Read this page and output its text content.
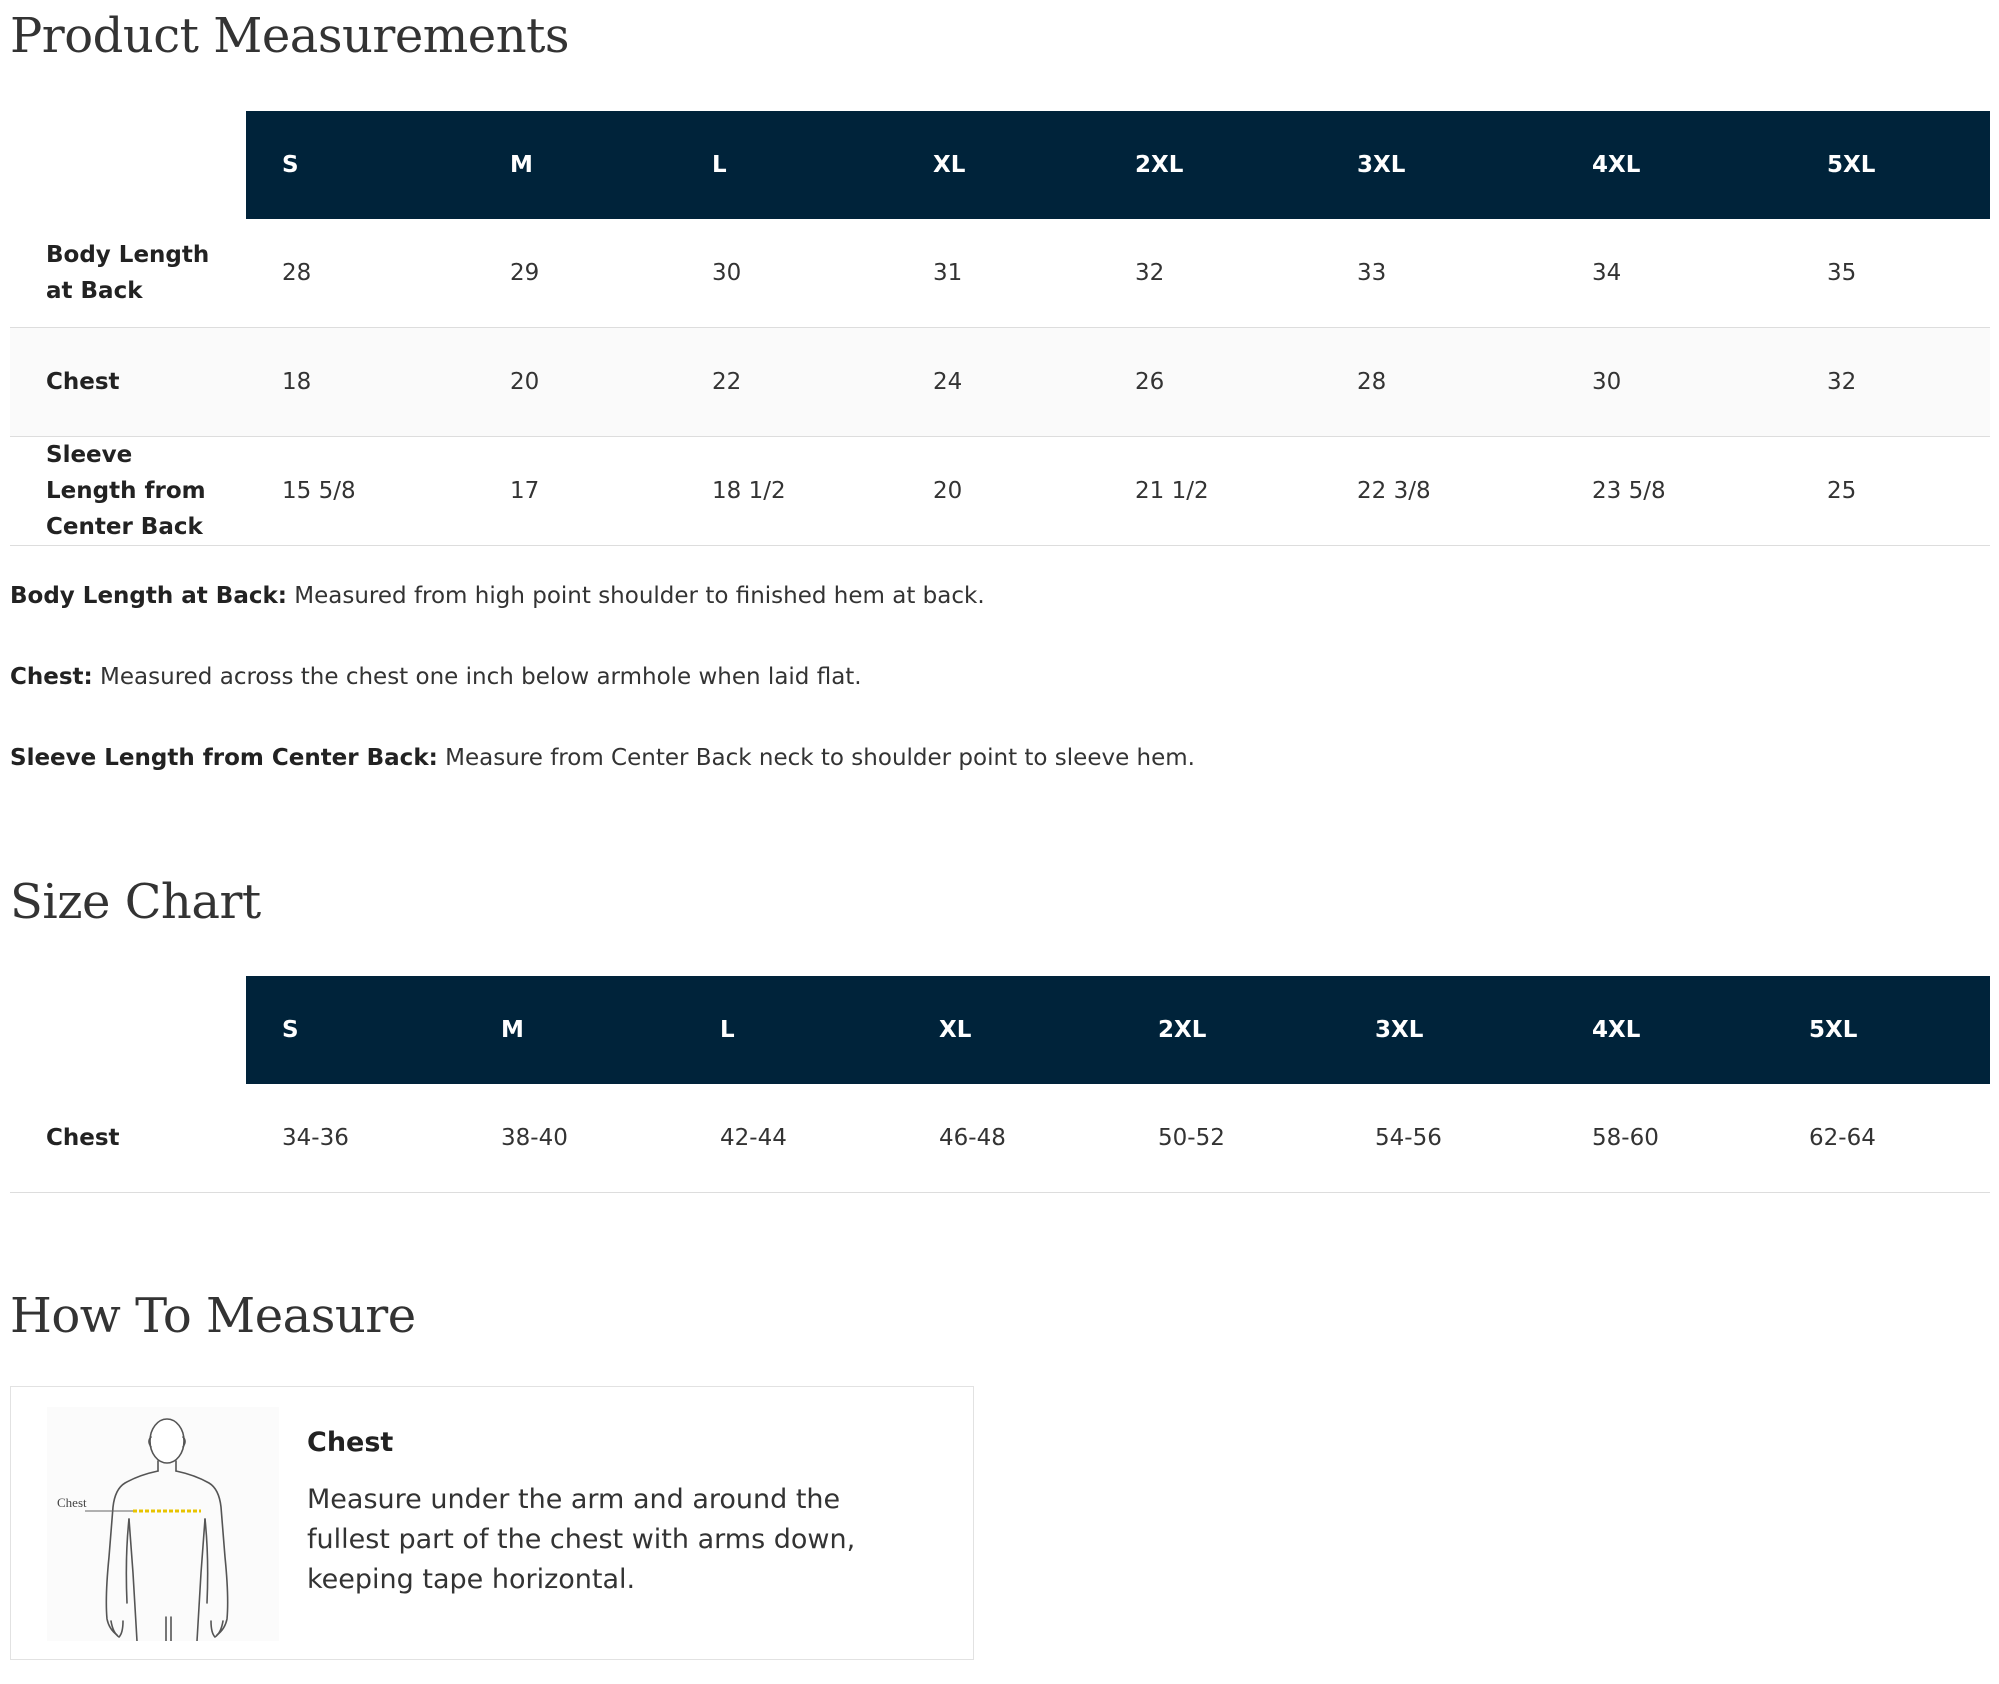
Product Measurements
	S	M	L	XL	2XL	3XL	4XL	5XL
Body Length
at Back	28	29	30	31	32	33	34	35
Chest	18	20	22	24	26	28	30	32
Sleeve
Length from
Center Back	15 5/8	17	18 1/2	20	21 1/2	22 3/8	23 5/8	25

Body Length at Back: Measured from high point shoulder to finished hem at back.

Chest: Measured across the chest one inch below armhole when laid flat.

Sleeve Length from Center Back: Measure from Center Back neck to shoulder point to sleeve hem.

Size Chart
	S	M	L	XL	2XL	3XL	4XL	5XL
Chest	34-36	38-40	42-44	46-48	50-52	54-56	58-60	62-64
How To Measure
Chest

Chest

Measure under the arm and around the fullest part of the chest with arms down, keeping tape horizontal.
